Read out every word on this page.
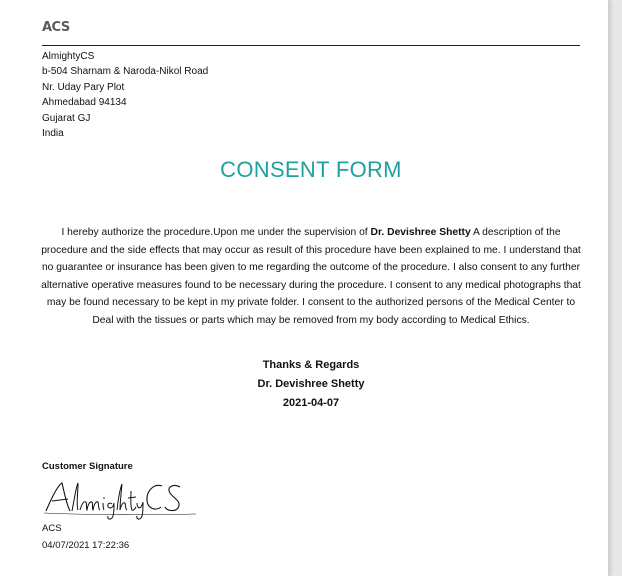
ACS
AlmightyCS
b-504 Sharnam & Naroda-Nikol Road
Nr. Uday Pary Plot
Ahmedabad 94134
Gujarat GJ
India
CONSENT FORM
I hereby authorize the procedure.Upon me under the supervision of Dr. Devishree Shetty A description of the procedure and the side effects that may occur as result of this procedure have been explained to me. I understand that no guarantee or insurance has been given to me regarding the outcome of the procedure. I also consent to any further alternative operative measures found to be necessary during the procedure. I consent to any medical photographs that may be found necessary to be kept in my private folder. I consent to the authorized persons of the Medical Center to Deal with the tissues or parts which may be removed from my body according to Medical Ethics.
Thanks & Regards
Dr. Devishree Shetty
2021-04-07
Customer Signature
ACS
04/07/2021 17:22:36
